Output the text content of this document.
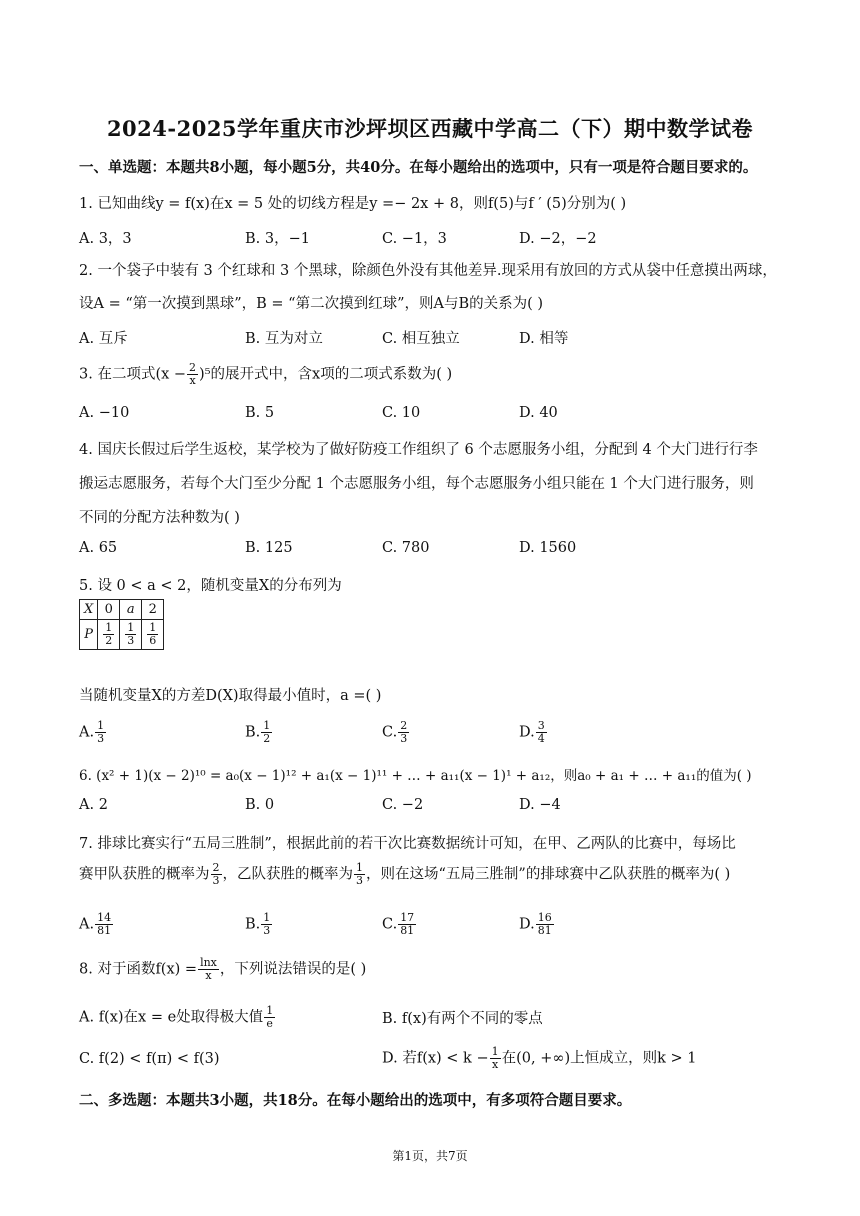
2024-2025学年重庆市沙坪坝区西藏中学高二（下）期中数学试卷
一、单选题：本题共8小题，每小题5分，共40分。在每小题给出的选项中，只有一项是符合题目要求的。
1. 已知曲线y = f(x)在x = 5 处的切线方程是y =− 2x + 8，则f(5)与f ′ (5)分别为( )
A. 3，3	B. 3，−1	C. −1，3	D. −2，−2
2. 一个袋子中装有 3 个红球和 3 个黑球，除颜色外没有其他差异.现采用有放回的方式从袋中任意摸出两球，
设A = “第一次摸到黑球”，B = “第二次摸到红球”，则A与B的关系为( )
A. 互斥	B. 互为对立	C. 相互独立	D. 相等
3. 在二项式$(x - \frac{2}{x} )^5$的展开式中，含x项的二项式系数为( )
A. −10	B. 5	C. 10	D. 40
4. 国庆长假过后学生返校，某学校为了做好防疫工作组织了 6 个志愿服务小组，分配到 4 个大门进行行李
搬运志愿服务，若每个大门至少分配 1 个志愿服务小组，每个志愿服务小组只能在 1 个大门进行服务，则
不同的分配方法种数为( )
A. 65	B. 125	C. 780	D. 1560
5. 设 0 < a < 2，随机变量X的分布列为
X	0	a	2
P	$\frac{1}{2}$	$\frac{1}{3}$	$\frac{1}{6}$
当随机变量X的方差D(X)取得最小值时，a =( )
A. $\frac{1}{3}$	B. $\frac{1}{2}$	C. $\frac{2}{3}$	D. $\frac{3}{4}$
6. (x² + 1)(x − 2)¹⁰ = a₀(x − 1)¹² + a₁(x − 1)¹¹ + … + a₁₁(x − 1)¹ + a₁₂，则a₀ + a₁ + … + a₁₁的值为( )
A. 2	B. 0	C. −2	D. −4
7. 排球比赛实行“五局三胜制”，根据此前的若干次比赛数据统计可知，在甲、乙两队的比赛中，每场比
赛甲队获胜的概率为 $\frac{2}{3}$ ，乙队获胜的概率为 $\frac{1}{3}$ ，则在这场“五局三胜制”的排球赛中乙队获胜的概率为( )
A. $\frac{14}{81}$	B. $\frac{1}{3}$	C. $\frac{17}{81}$	D. $\frac{16}{81}$
8. 对于函数$f(x) = \frac{\ln x}{x}$ ，下列说法错误的是( )
A. f(x)在x = e处取得极大值 $\frac{1}{e}$	B. f(x)有两个不同的零点
C. f(2) < f(π) < f(3)	D. 若$f(x) < k - \frac{1}{x}$ 在(0, +∞)上恒成立，则k > 1
二、多选题：本题共3小题，共18分。在每小题给出的选项中，有多项符合题目要求。
第1页，共7页
